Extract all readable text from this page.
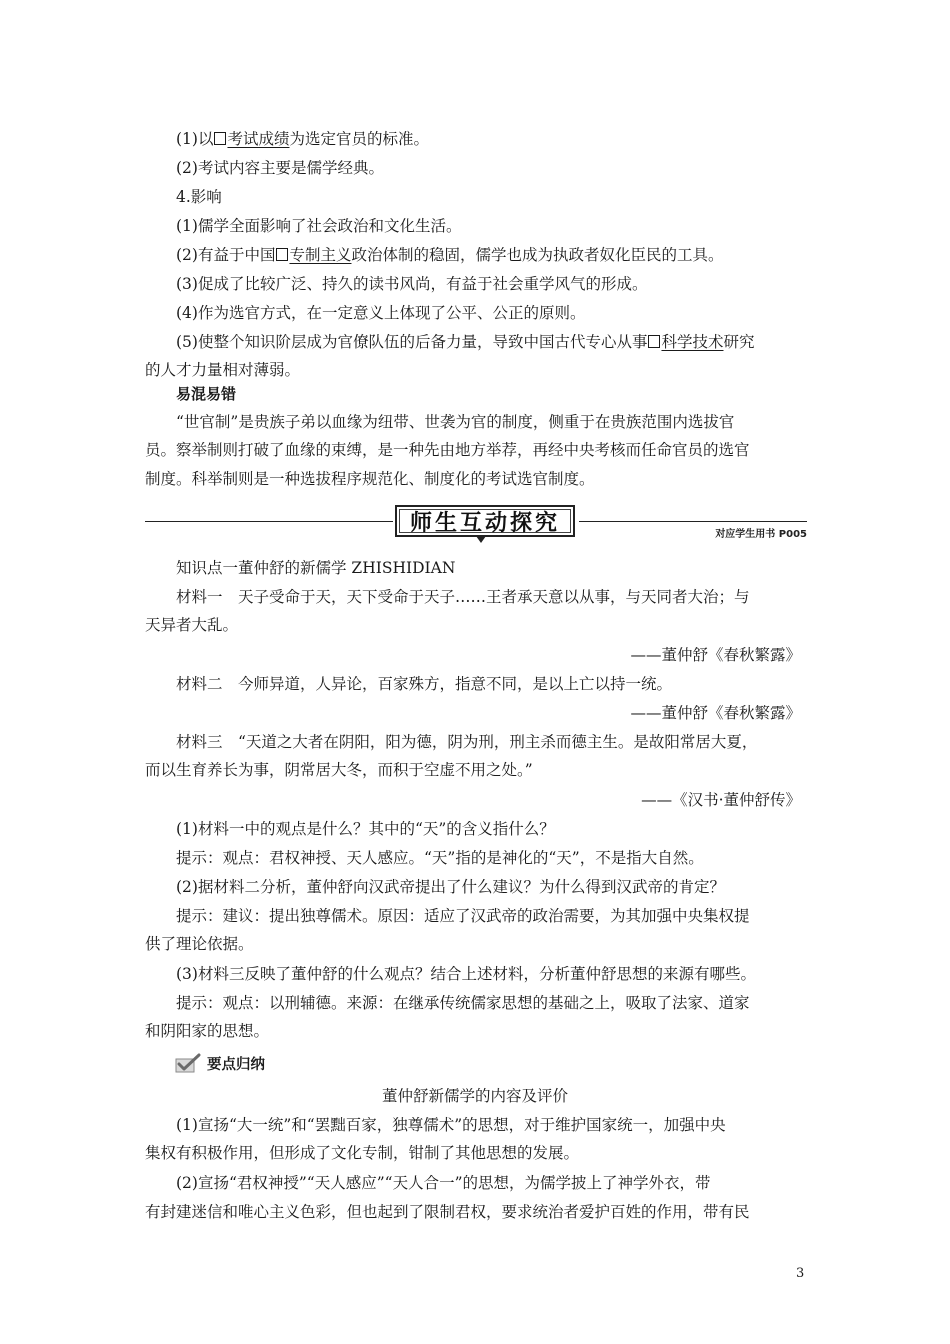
(1)以 考试成绩为选定官员的标准。
(2)考试内容主要是儒学经典。
4.影响
(1)儒学全面影响了社会政治和文化生活。
(2)有益于中国 专制主义政治体制的稳固，儒学也成为执政者奴化臣民的工具。
(3)促成了比较广泛、持久的读书风尚，有益于社会重学风气的形成。
(4)作为选官方式，在一定意义上体现了公平、公正的原则。
(5)使整个知识阶层成为官僚队伍的后备力量，导致中国古代专心从事 科学技术研究
的人才力量相对薄弱。
易混易错
“世官制”是贵族子弟以血缘为纽带、世袭为官的制度，侧重于在贵族范围内选拔官
员。察举制则打破了血缘的束缚，是一种先由地方举荐，再经中央考核而任命官员的选官
制度。科举制则是一种选拔程序规范化、制度化的考试选官制度。
师生互动探究	对应学生用书 P005
知识点一董仲舒的新儒学 ZHISHIDIAN
材料一　天子受命于天，天下受命于天子……王者承天意以从事，与天同者大治；与
天异者大乱。
——董仲舒《春秋繁露》
材料二　今师异道，人异论，百家殊方，指意不同，是以上亡以持一统。
——董仲舒《春秋繁露》
材料三　“天道之大者在阴阳，阳为德，阴为刑，刑主杀而德主生。是故阳常居大夏，
而以生育养长为事，阴常居大冬，而积于空虚不用之处。”
——《汉书·董仲舒传》
(1)材料一中的观点是什么？其中的“天”的含义指什么？
提示：观点：君权神授、天人感应。“天”指的是神化的“天”，不是指大自然。
(2)据材料二分析，董仲舒向汉武帝提出了什么建议？为什么得到汉武帝的肯定？
提示：建议：提出独尊儒术。原因：适应了汉武帝的政治需要，为其加强中央集权提
供了理论依据。
(3)材料三反映了董仲舒的什么观点？结合上述材料，分析董仲舒思想的来源有哪些。
提示：观点：以刑辅德。来源：在继承传统儒家思想的基础之上，吸取了法家、道家
和阴阳家的思想。
要点归纳
董仲舒新儒学的内容及评价
(1)宣扬“大一统”和“罢黜百家，独尊儒术”的思想，对于维护国家统一，加强中央
集权有积极作用，但形成了文化专制，钳制了其他思想的发展。
(2)宣扬“君权神授”“天人感应”“天人合一”的思想，为儒学披上了神学外衣，带
有封建迷信和唯心主义色彩，但也起到了限制君权，要求统治者爱护百姓的作用，带有民
3
